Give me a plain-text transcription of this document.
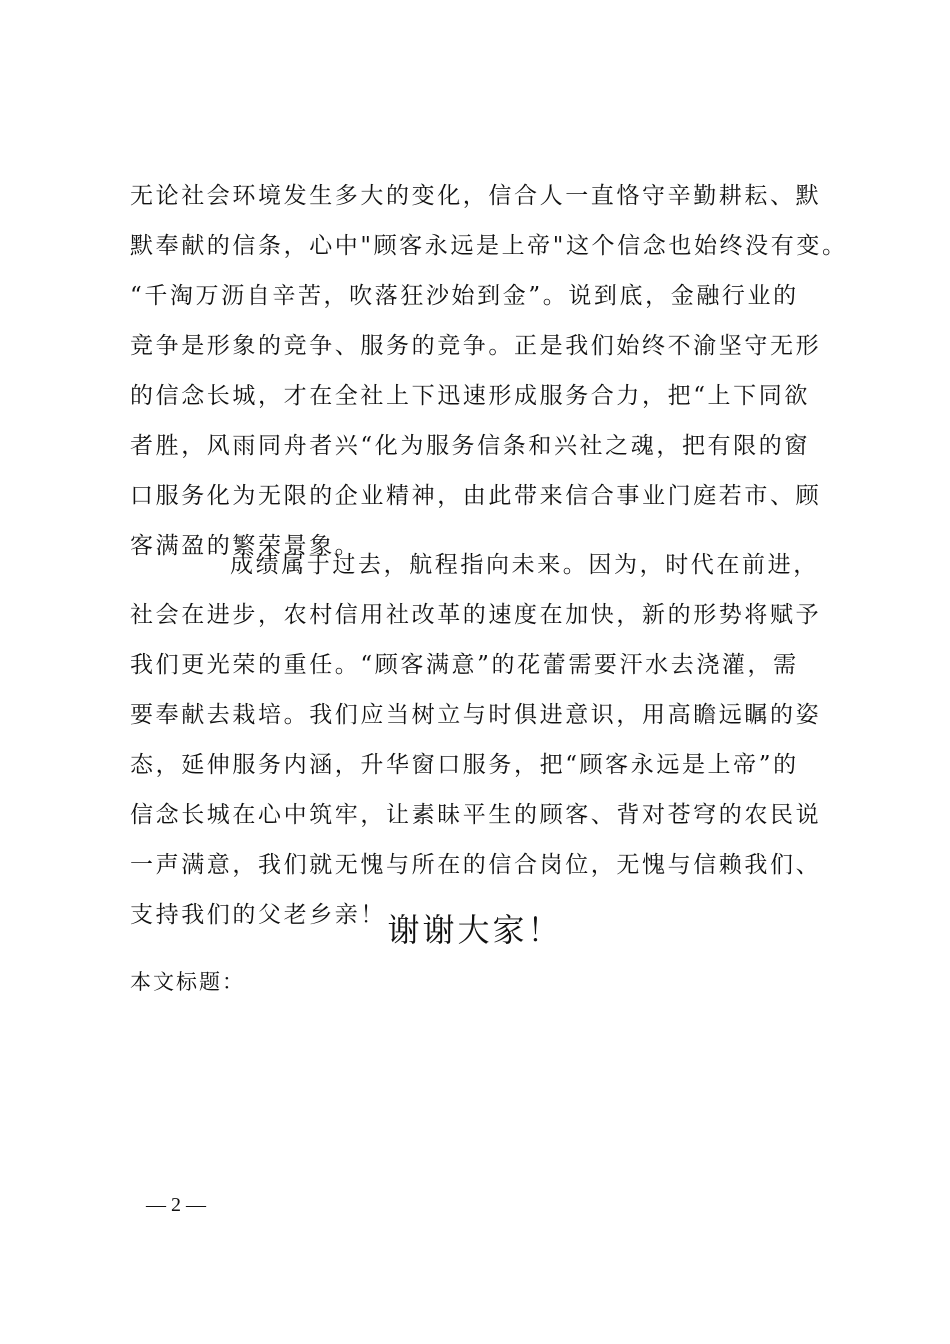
无论社会环境发生多大的变化，信合人一直恪守辛勤耕耘、默
默奉献的信条，心中"顾客永远是上帝"这个信念也始终没有变。
“千淘万沥自辛苦，吹落狂沙始到金”。说到底，金融行业的
竞争是形象的竞争、服务的竞争。正是我们始终不渝坚守无形
的信念长城，才在全社上下迅速形成服务合力，把“上下同欲
者胜，风雨同舟者兴“化为服务信条和兴社之魂，把有限的窗
口服务化为无限的企业精神，由此带来信合事业门庭若市、顾
客满盈的繁荣景象。
成绩属于过去，航程指向未来。因为，时代在前进，
社会在进步，农村信用社改革的速度在加快，新的形势将赋予
我们更光荣的重任。“顾客满意”的花蕾需要汗水去浇灌，需
要奉献去栽培。我们应当树立与时俱进意识，用高瞻远瞩的姿
态，延伸服务内涵，升华窗口服务，把“顾客永远是上帝”的
信念长城在心中筑牢，让素昧平生的顾客、背对苍穹的农民说
一声满意，我们就无愧与所在的信合岗位，无愧与信赖我们、
支持我们的父老乡亲！ 谢谢大家！
本文标题：
— 2 —
